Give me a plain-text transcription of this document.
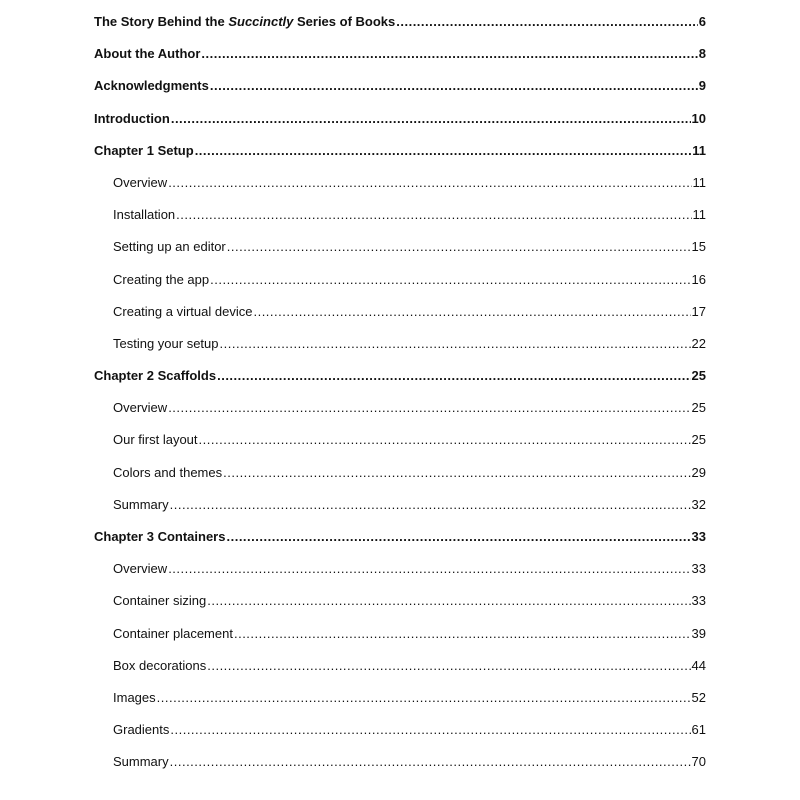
The Story Behind the Succinctly Series of Books .....	6
About the Author .....	8
Acknowledgments .....	9
Introduction .....	10
Chapter 1 Setup .....	11
Overview .....	11
Installation .....	11
Setting up an editor .....	15
Creating the app .....	16
Creating a virtual device .....	17
Testing your setup .....	22
Chapter 2 Scaffolds .....	25
Overview .....	25
Our first layout .....	25
Colors and themes .....	29
Summary .....	32
Chapter 3 Containers .....	33
Overview .....	33
Container sizing .....	33
Container placement .....	39
Box decorations .....	44
Images .....	52
Gradients .....	61
Summary .....	70
